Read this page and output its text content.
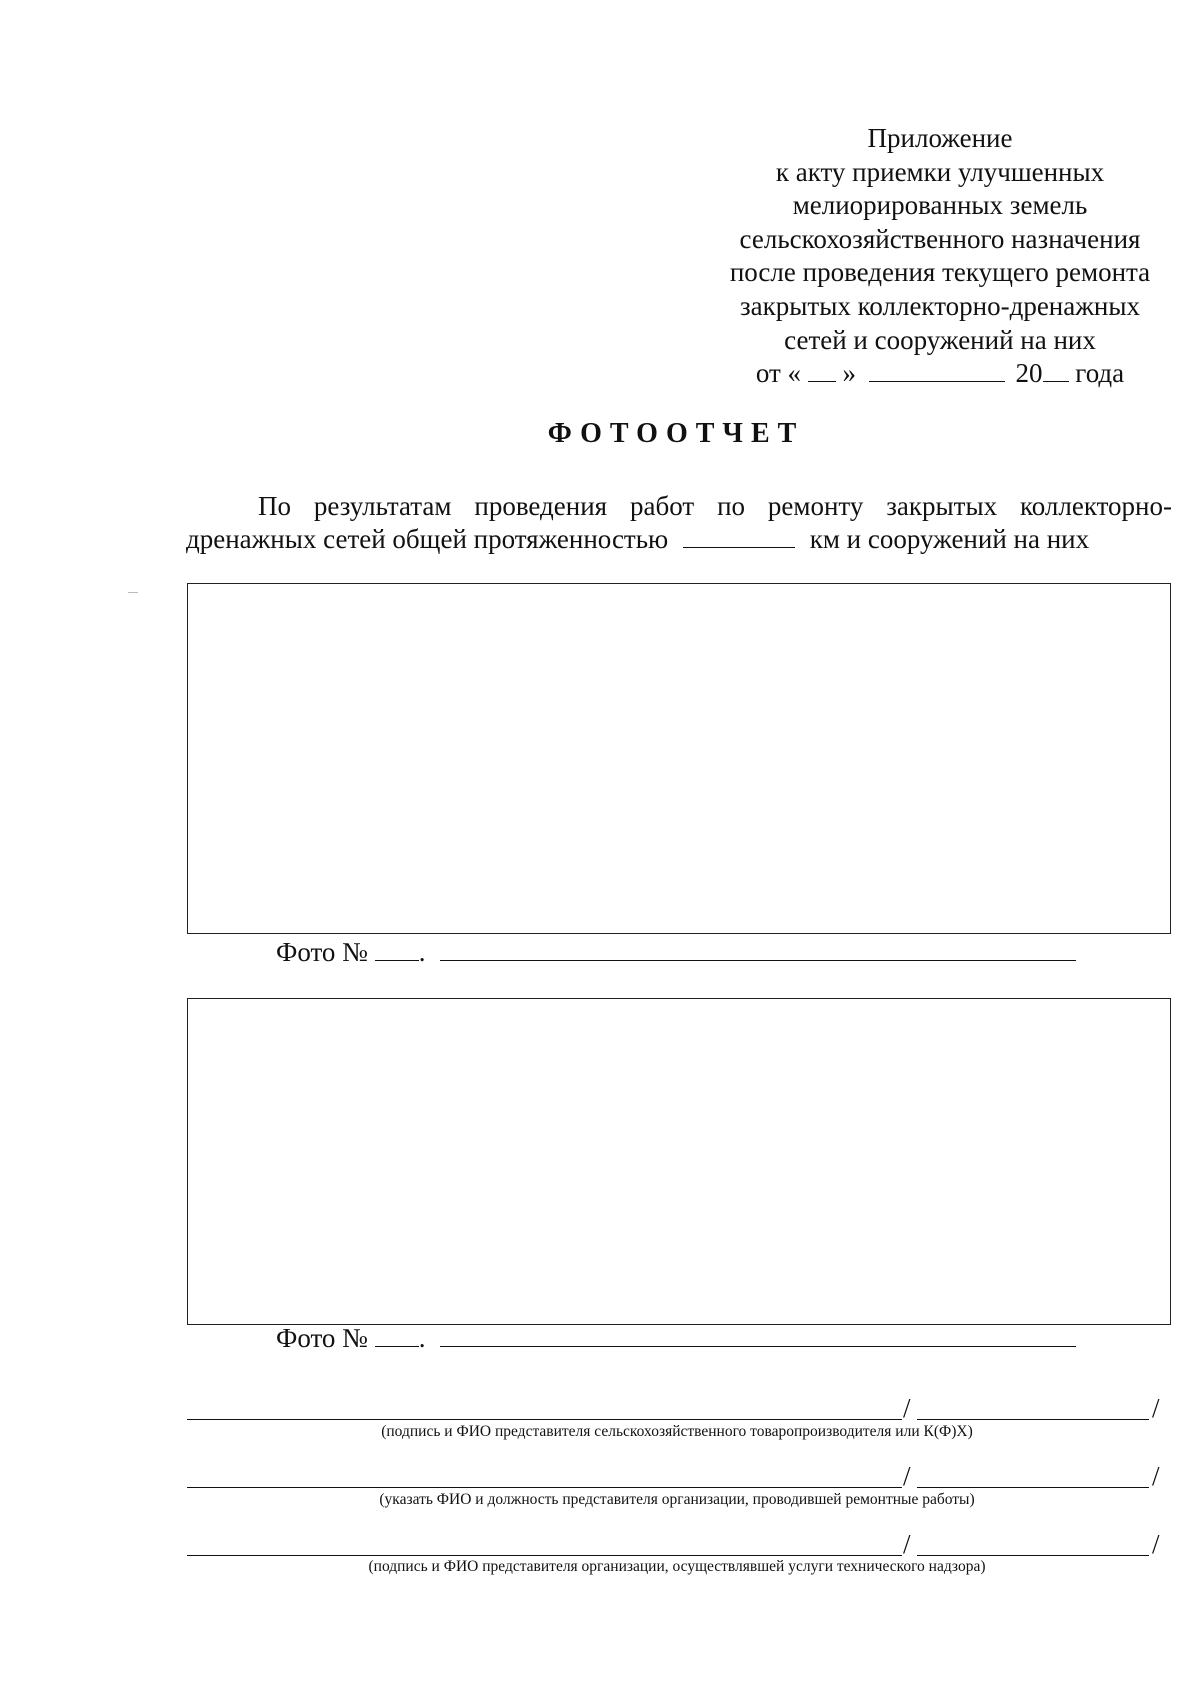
Приложение
к акту приемки улучшенных
мелиорированных земель
сельскохозяйственного назначения
после проведения текущего ремонта
закрытых коллекторно-дренажных
сетей и сооружений на них
от « »	20 года
ФОТООТЧЕТ
По результатам проведения работ по ремонту закрытых коллекторно-
дренажных сетей общей протяженностью	км и сооружений на них
Фото № .
Фото № .
/	/
(подпись и ФИО представителя сельскохозяйственного товаропроизводителя или К(Ф)Х)
/	/
(указать ФИО и должность представителя организации, проводившей ремонтные работы)
/	/
(подпись и ФИО представителя организации, осуществлявшей услуги технического надзора)
